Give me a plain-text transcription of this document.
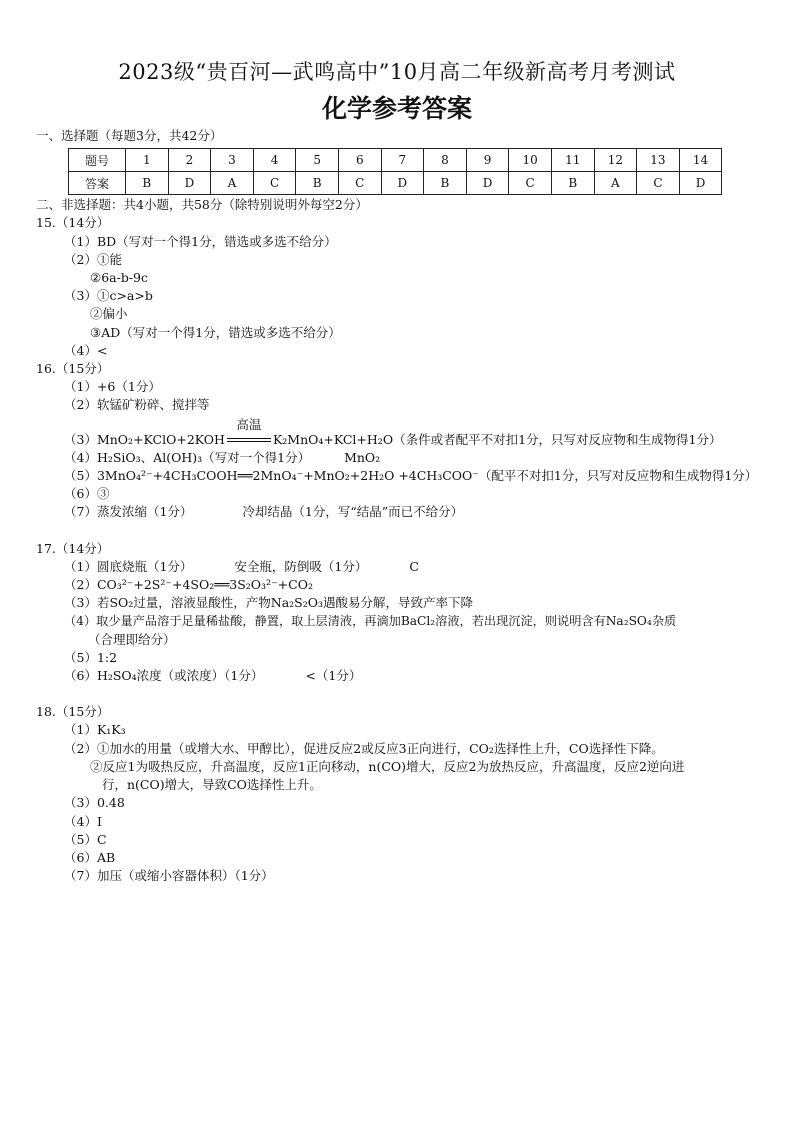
2023级“贵百河—武鸣高中”10月高二年级新高考月考测试
化学参考答案
一、选择题（每题3分，共42分）
题号	1	2	3	4	5	6	7	8	9	10	11	12	13	14
答案	B	D	A	C	B	C	D	B	D	C	B	A	C	D
二、非选择题：共4小题，共58分（除特别说明外每空2分）
15.（14分）
（1）BD（写对一个得1分，错选或多选不给分）
（2）①能
②6a-b-9c
（3）①c>a>b
②偏小
③AD（写对一个得1分，错选或多选不给分）
（4）<
16.（15分）
（1）+6（1分）
（2）软锰矿粉碎、搅拌等
（3）MnO₂+KClO+2KOH
高温
K₂MnO₄+KCl+H₂O（条件或者配平不对扣1分，只写对反应物和生成物得1分）
（4）H₂SiO₃、Al(OH)₃（写对一个得1分）	MnO₂
（5）3MnO₄²⁻+4CH₃COOH══2MnO₄⁻+MnO₂+2H₂O +4CH₃COO⁻（配平不对扣1分，只写对反应物和生成物得1分）
（6）③
（7）蒸发浓缩（1分）	冷却结晶（1分，写“结晶”而已不给分）
17.（14分）
（1）圆底烧瓶（1分）	安全瓶，防倒吸（1分）	C
（2）CO₃²⁻+2S²⁻+4SO₂══3S₂O₃²⁻+CO₂
（3）若SO₂过量，溶液显酸性，产物Na₂S₂O₃遇酸易分解，导致产率下降
（4）取少量产品溶于足量稀盐酸，静置，取上层清液，再滴加BaCl₂溶液，若出现沉淀，则说明含有Na₂SO₄杂质
（合理即给分）
（5）1:2
（6）H₂SO₄浓度（或浓度）（1分）	<（1分）
18.（15分）
（1）K₁K₃
（2）①加水的用量（或增大水、甲醇比），促进反应2或反应3正向进行，CO₂选择性上升，CO选择性下降。
②反应1为吸热反应，升高温度，反应1正向移动，n(CO)增大，反应2为放热反应，升高温度，反应2逆向进
行，n(CO)增大，导致CO选择性上升。
（3）0.48
（4）I
（5）C
（6）AB
（7）加压（或缩小容器体积）（1分）
